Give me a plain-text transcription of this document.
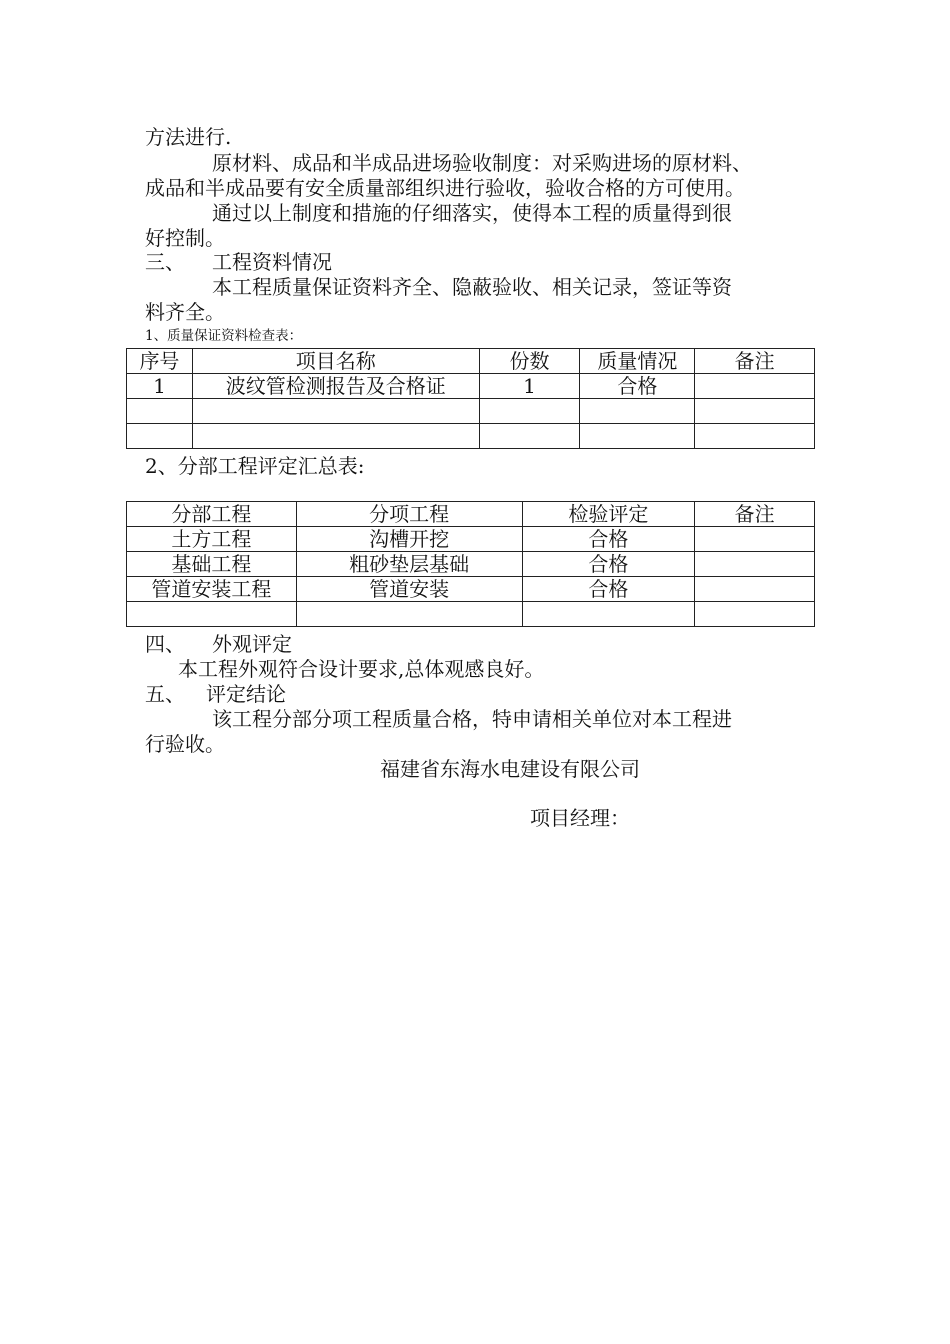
方法进行.
原材料、成品和半成品进场验收制度：对采购进场的原材料、
成品和半成品要有安全质量部组织进行验收，验收合格的方可使用。
通过以上制度和措施的仔细落实，使得本工程的质量得到很
好控制。
三、 工程资料情况
本工程质量保证资料齐全、隐蔽验收、相关记录，签证等资
料齐全。
1、质量保证资料检查表：
序号	项目名称	份数	质量情况	备注
1	波纹管检测报告及合格证	1	合格	

2、分部工程评定汇总表:
分部工程	分项工程	检验评定	备注
土方工程	沟槽开挖	合格	
基础工程	粗砂垫层基础	合格	
管道安装工程	管道安装	合格	

四、 外观评定
本工程外观符合设计要求,总体观感良好。
五、 评定结论
该工程分部分项工程质量合格，特申请相关单位对本工程进
行验收。
福建省东海水电建设有限公司
项目经理：
